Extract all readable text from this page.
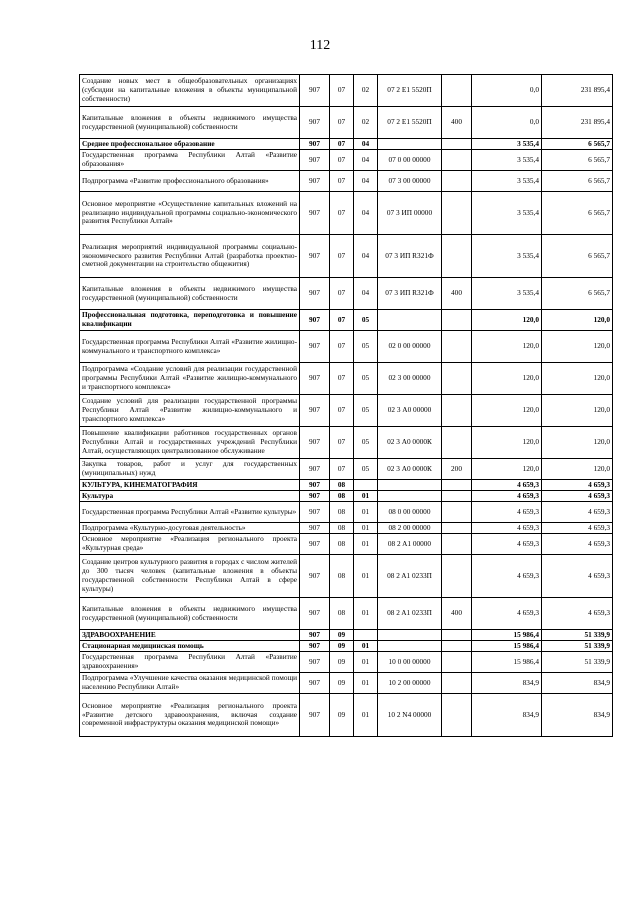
112
Создание новых мест в общеобразовательных организациях (субсидии на капитальные вложения в объекты муниципальной собственности)	907	07	02	07 2 E1 5520П		0,0	231 895,4
Капитальные вложения в объекты недвижимого имущества государственной (муниципальной) собственности	907	07	02	07 2 E1 5520П	400	0,0	231 895,4
Среднее профессиональное образование	907	07	04			3 535,4	6 565,7
Государственная программа Республики Алтай «Развитие образования»	907	07	04	07 0 00 00000		3 535,4	6 565,7
Подпрограмма «Развитие профессионального образования»	907	07	04	07 3 00 00000		3 535,4	6 565,7
Основное мероприятие «Осуществление капитальных вложений на реализацию индивидуальной программы социально-экономического развития Республики Алтай»	907	07	04	07 3 ИП 00000		3 535,4	6 565,7
Реализация мероприятий индивидуальной программы социально-экономического развития Республики Алтай (разработка проектно-сметной документации на строительство общежития)	907	07	04	07 3 ИП R321Ф		3 535,4	6 565,7
Капитальные вложения в объекты недвижимого имущества государственной (муниципальной) собственности	907	07	04	07 3 ИП R321Ф	400	3 535,4	6 565,7
Профессиональная подготовка, переподготовка и повышение квалификации	907	07	05			120,0	120,0
Государственная программа Республики Алтай «Развитие жилищно-коммунального и транспортного комплекса»	907	07	05	02 0 00 00000		120,0	120,0
Подпрограмма «Создание условий для реализации государственной программы Республики Алтай «Развитие жилищно-коммунального и транспортного комплекса»	907	07	05	02 3 00 00000		120,0	120,0
Создание условий для реализации государственной программы Республики Алтай «Развитие жилищно-коммунального и транспортного комплекса»	907	07	05	02 3 А0 00000		120,0	120,0
Повышение квалификации работников государственных органов Республики Алтай и государственных учреждений Республики Алтай, осуществляющих централизованное обслуживание	907	07	05	02 3 А0 0000К		120,0	120,0
Закупка товаров, работ и услуг для государственных (муниципальных) нужд	907	07	05	02 3 А0 0000К	200	120,0	120,0
КУЛЬТУРА, КИНЕМАТОГРАФИЯ	907	08				4 659,3	4 659,3
Культура	907	08	01			4 659,3	4 659,3
Государственная программа Республики Алтай «Развитие культуры»	907	08	01	08 0 00 00000		4 659,3	4 659,3
Подпрограмма «Культурно-досуговая деятельность»	907	08	01	08 2 00 00000		4 659,3	4 659,3
Основное мероприятие «Реализация регионального проекта «Культурная среда»	907	08	01	08 2 A1 00000		4 659,3	4 659,3
Создание центров культурного развития в городах с числом жителей до 300 тысяч человек (капитальные вложения в объекты государственной собственности Республики Алтай в сфере культуры)	907	08	01	08 2 A1 0233П		4 659,3	4 659,3
Капитальные вложения в объекты недвижимого имущества государственной (муниципальной) собственности	907	08	01	08 2 A1 0233П	400	4 659,3	4 659,3
ЗДРАВООХРАНЕНИЕ	907	09				15 986,4	51 339,9
Стационарная медицинская помощь	907	09	01			15 986,4	51 339,9
Государственная программа Республики Алтай «Развитие здравоохранения»	907	09	01	10 0 00 00000		15 986,4	51 339,9
Подпрограмма «Улучшение качества оказания медицинской помощи населению Республики Алтай»	907	09	01	10 2 00 00000		834,9	834,9
Основное мероприятие «Реализация регионального проекта «Развитие детского здравоохранения, включая создание современной инфраструктуры оказания медицинской помощи»	907	09	01	10 2 N4 00000		834,9	834,9
